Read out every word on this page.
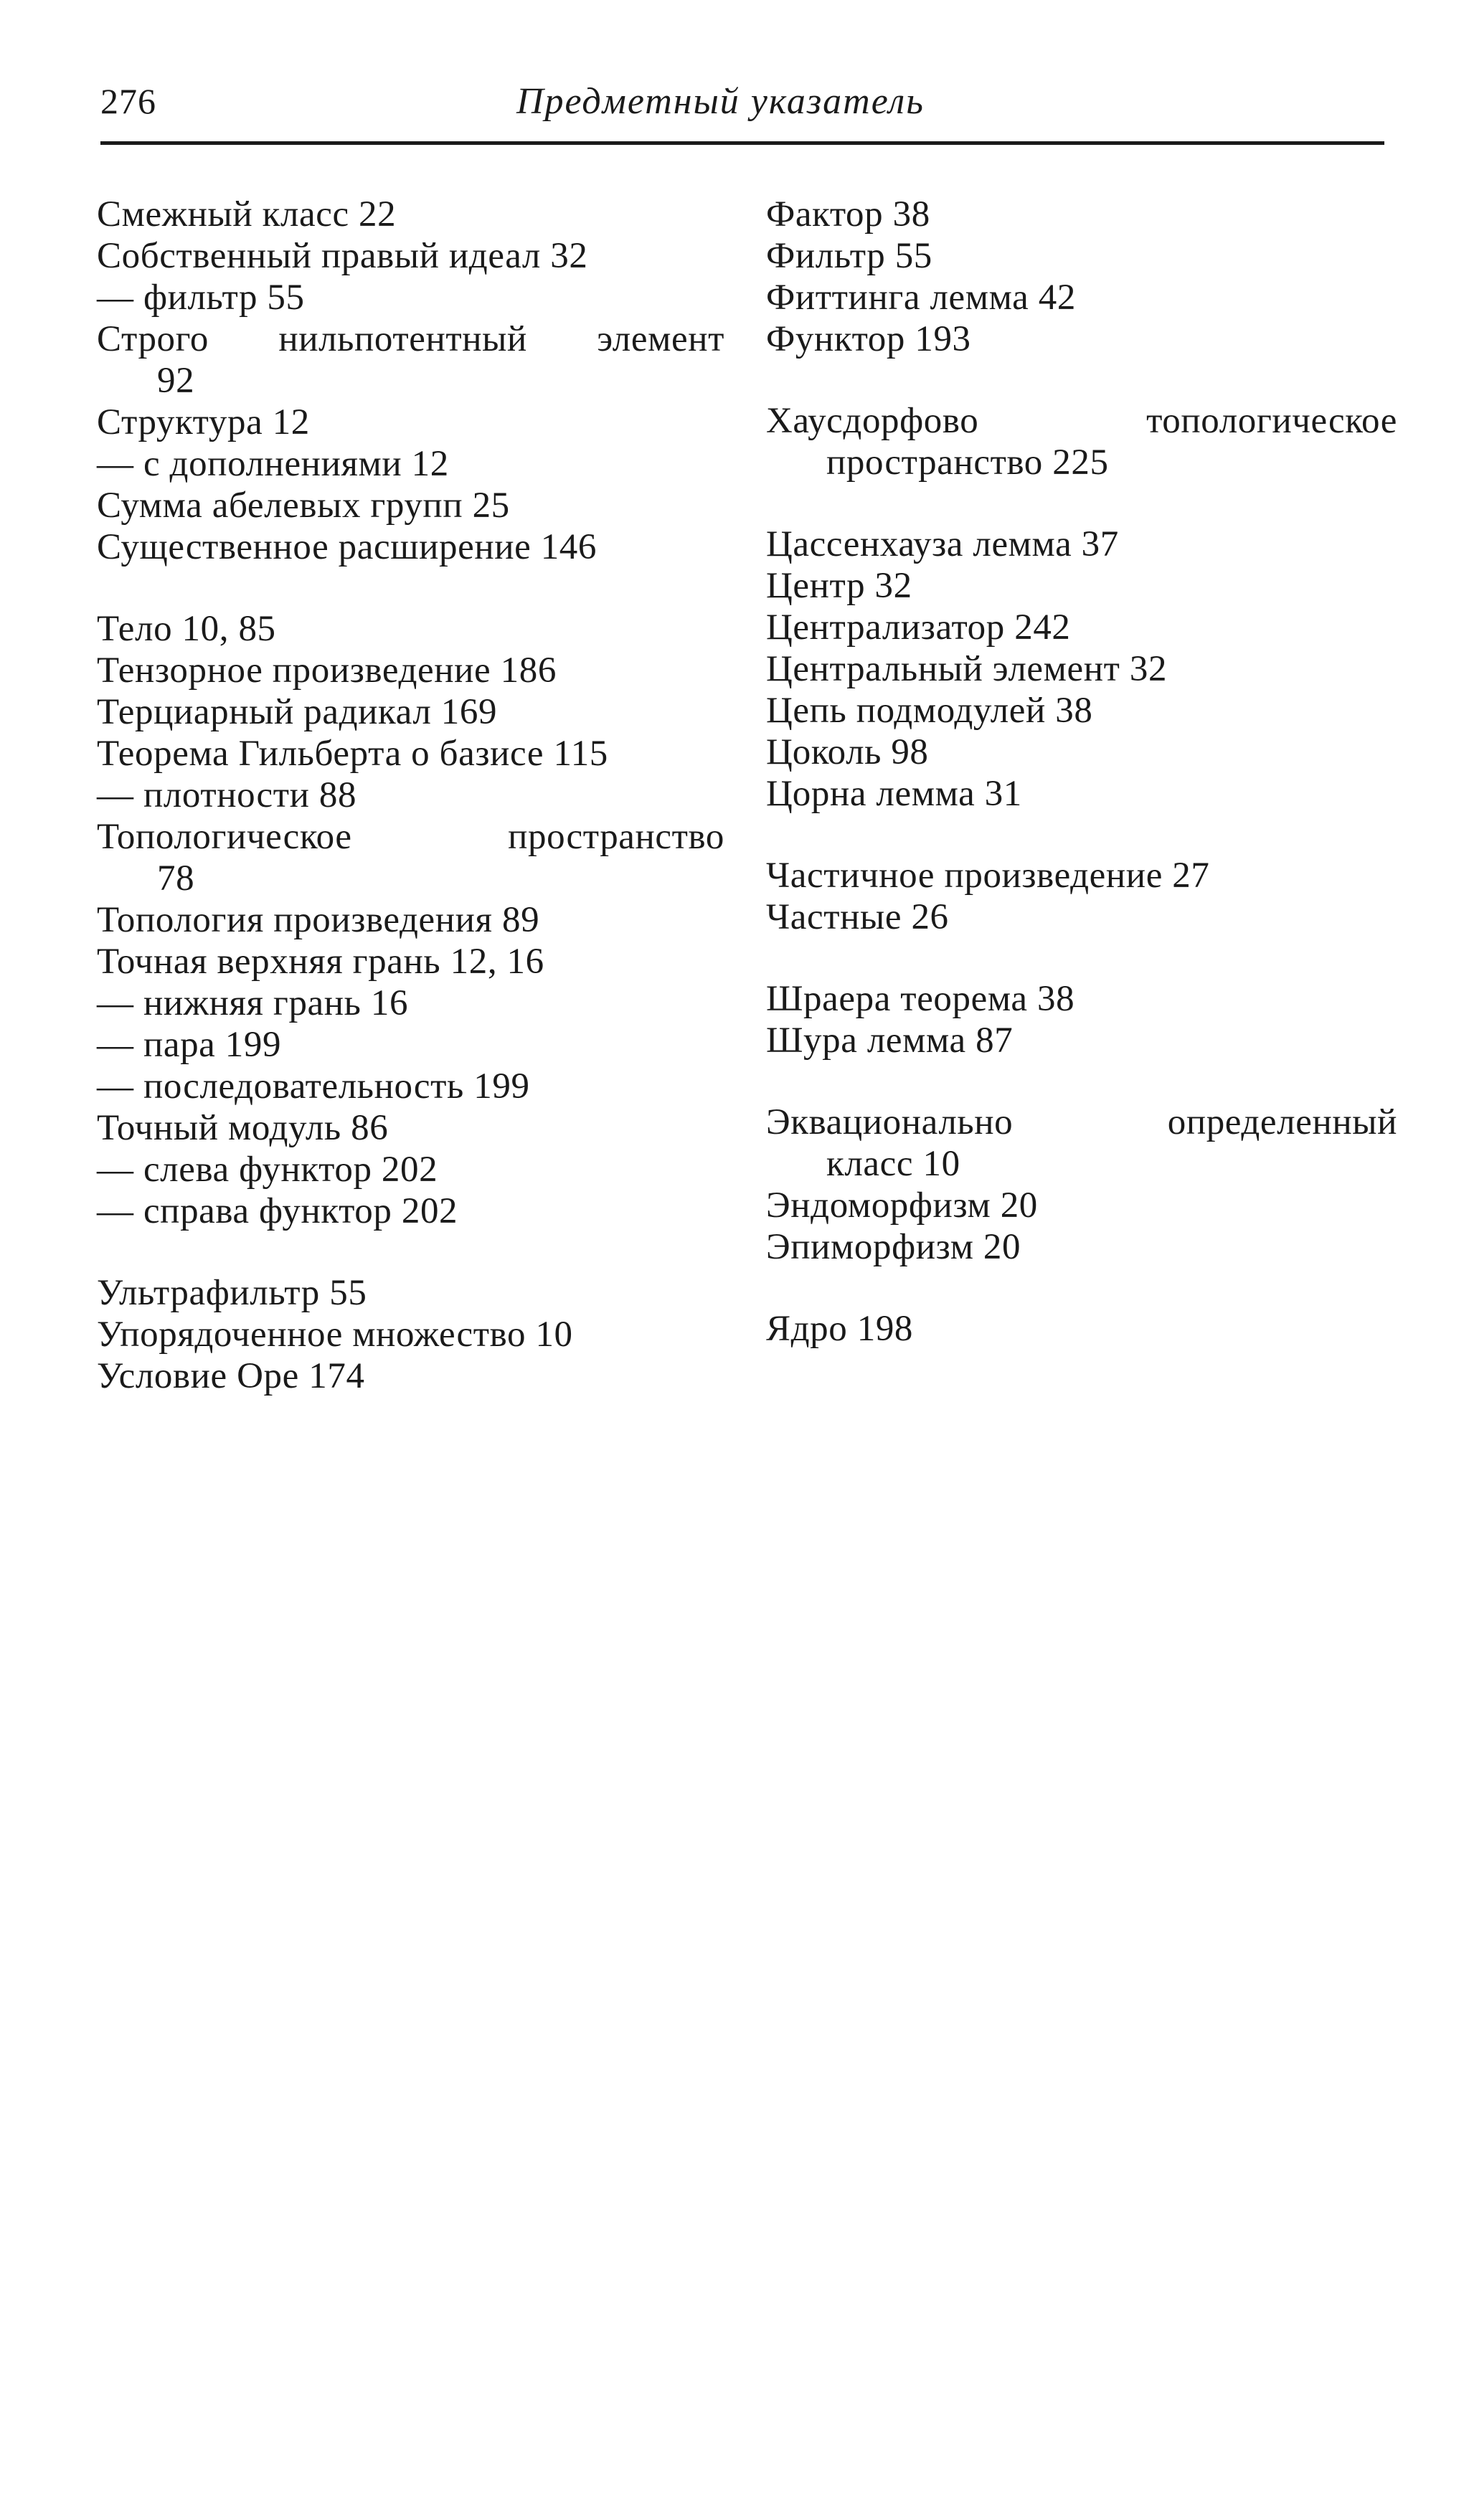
276	Предметный указатель
Смежный класс 22
Собственный правый идеал 32
— фильтр 55
Строго нильпотентный элемент
92
Структура 12
— с дополнениями 12
Сумма абелевых групп 25
Существенное расширение 146
Тело 10, 85
Тензорное произведение 186
Терциарный радикал 169
Теорема Гильберта о базисе 115
— плотности 88
Топологическое пространство
78
Топология произведения 89
Точная верхняя грань 12, 16
— нижняя грань 16
— пара 199
— последовательность 199
Точный модуль 86
— слева функтор 202
— справа функтор 202
Ультрафильтр 55
Упорядоченное множество 10
Условие Оре 174
Фактор 38
Фильтр 55
Фиттинга лемма 42
Функтор 193
Хаусдорфово топологическое
пространство 225
Цассенхауза лемма 37
Центр 32
Централизатор 242
Центральный элемент 32
Цепь подмодулей 38
Цоколь 98
Цорна лемма 31
Частичное произведение 27
Частные 26
Шраера теорема 38
Шура лемма 87
Эквационально определенный
класс 10
Эндоморфизм 20
Эпиморфизм 20
Ядро 198
